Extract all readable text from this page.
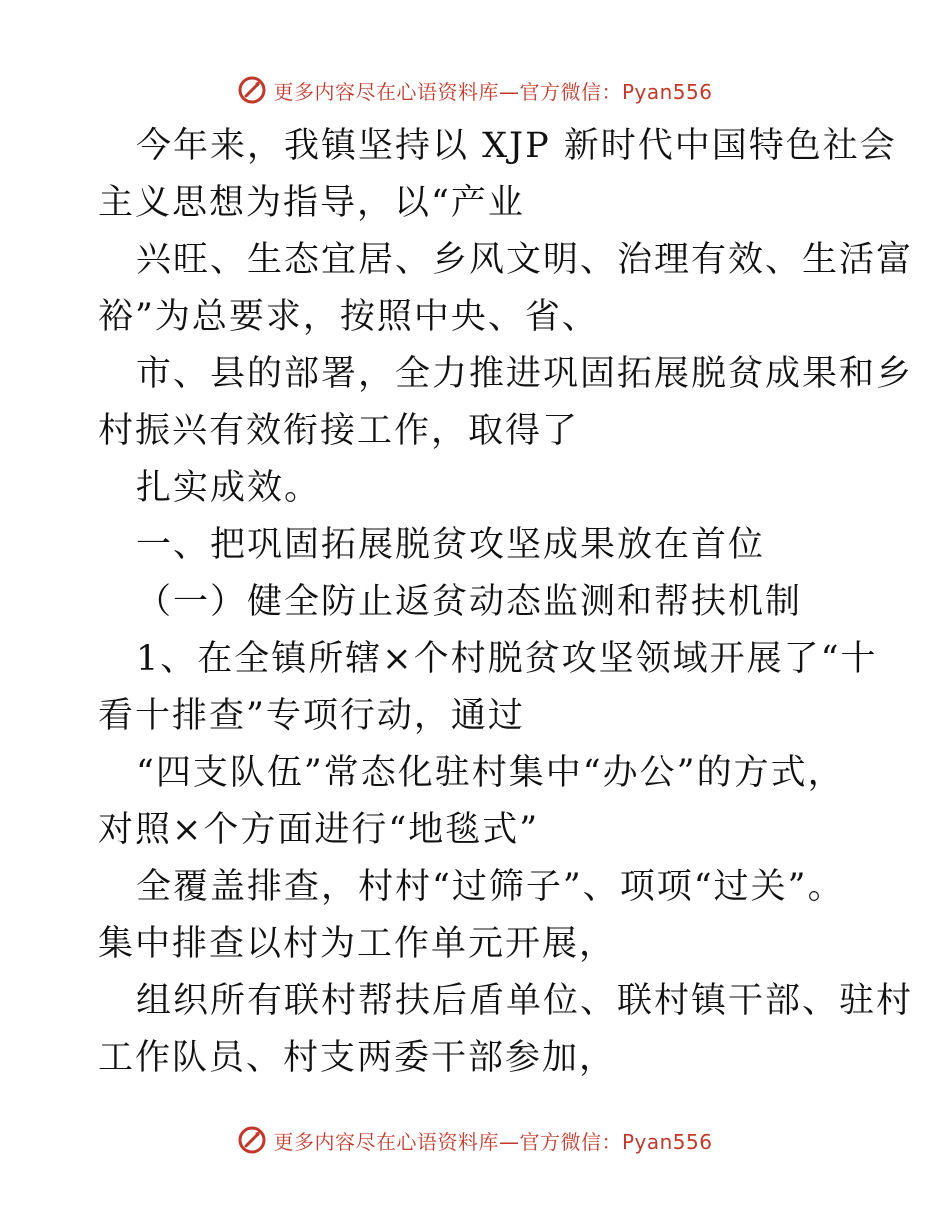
更多内容尽在心语资料库—官方微信：Pyan556
今年来，我镇坚持以 XJP 新时代中国特色社会
主义思想为指导，以“产业
兴旺、生态宜居、乡风文明、治理有效、生活富
裕”为总要求，按照中央、省、
市、县的部署，全力推进巩固拓展脱贫成果和乡
村振兴有效衔接工作，取得了
扎实成效。
一、把巩固拓展脱贫攻坚成果放在首位
（一）健全防止返贫动态监测和帮扶机制
1、在全镇所辖×个村脱贫攻坚领域开展了“十
看十排查”专项行动，通过
“四支队伍”常态化驻村集中“办公”的方式，
对照×个方面进行“地毯式”
全覆盖排查，村村“过筛子”、项项“过关”。
集中排查以村为工作单元开展，
组织所有联村帮扶后盾单位、联村镇干部、驻村
工作队员、村支两委干部参加，
更多内容尽在心语资料库—官方微信：Pyan556
